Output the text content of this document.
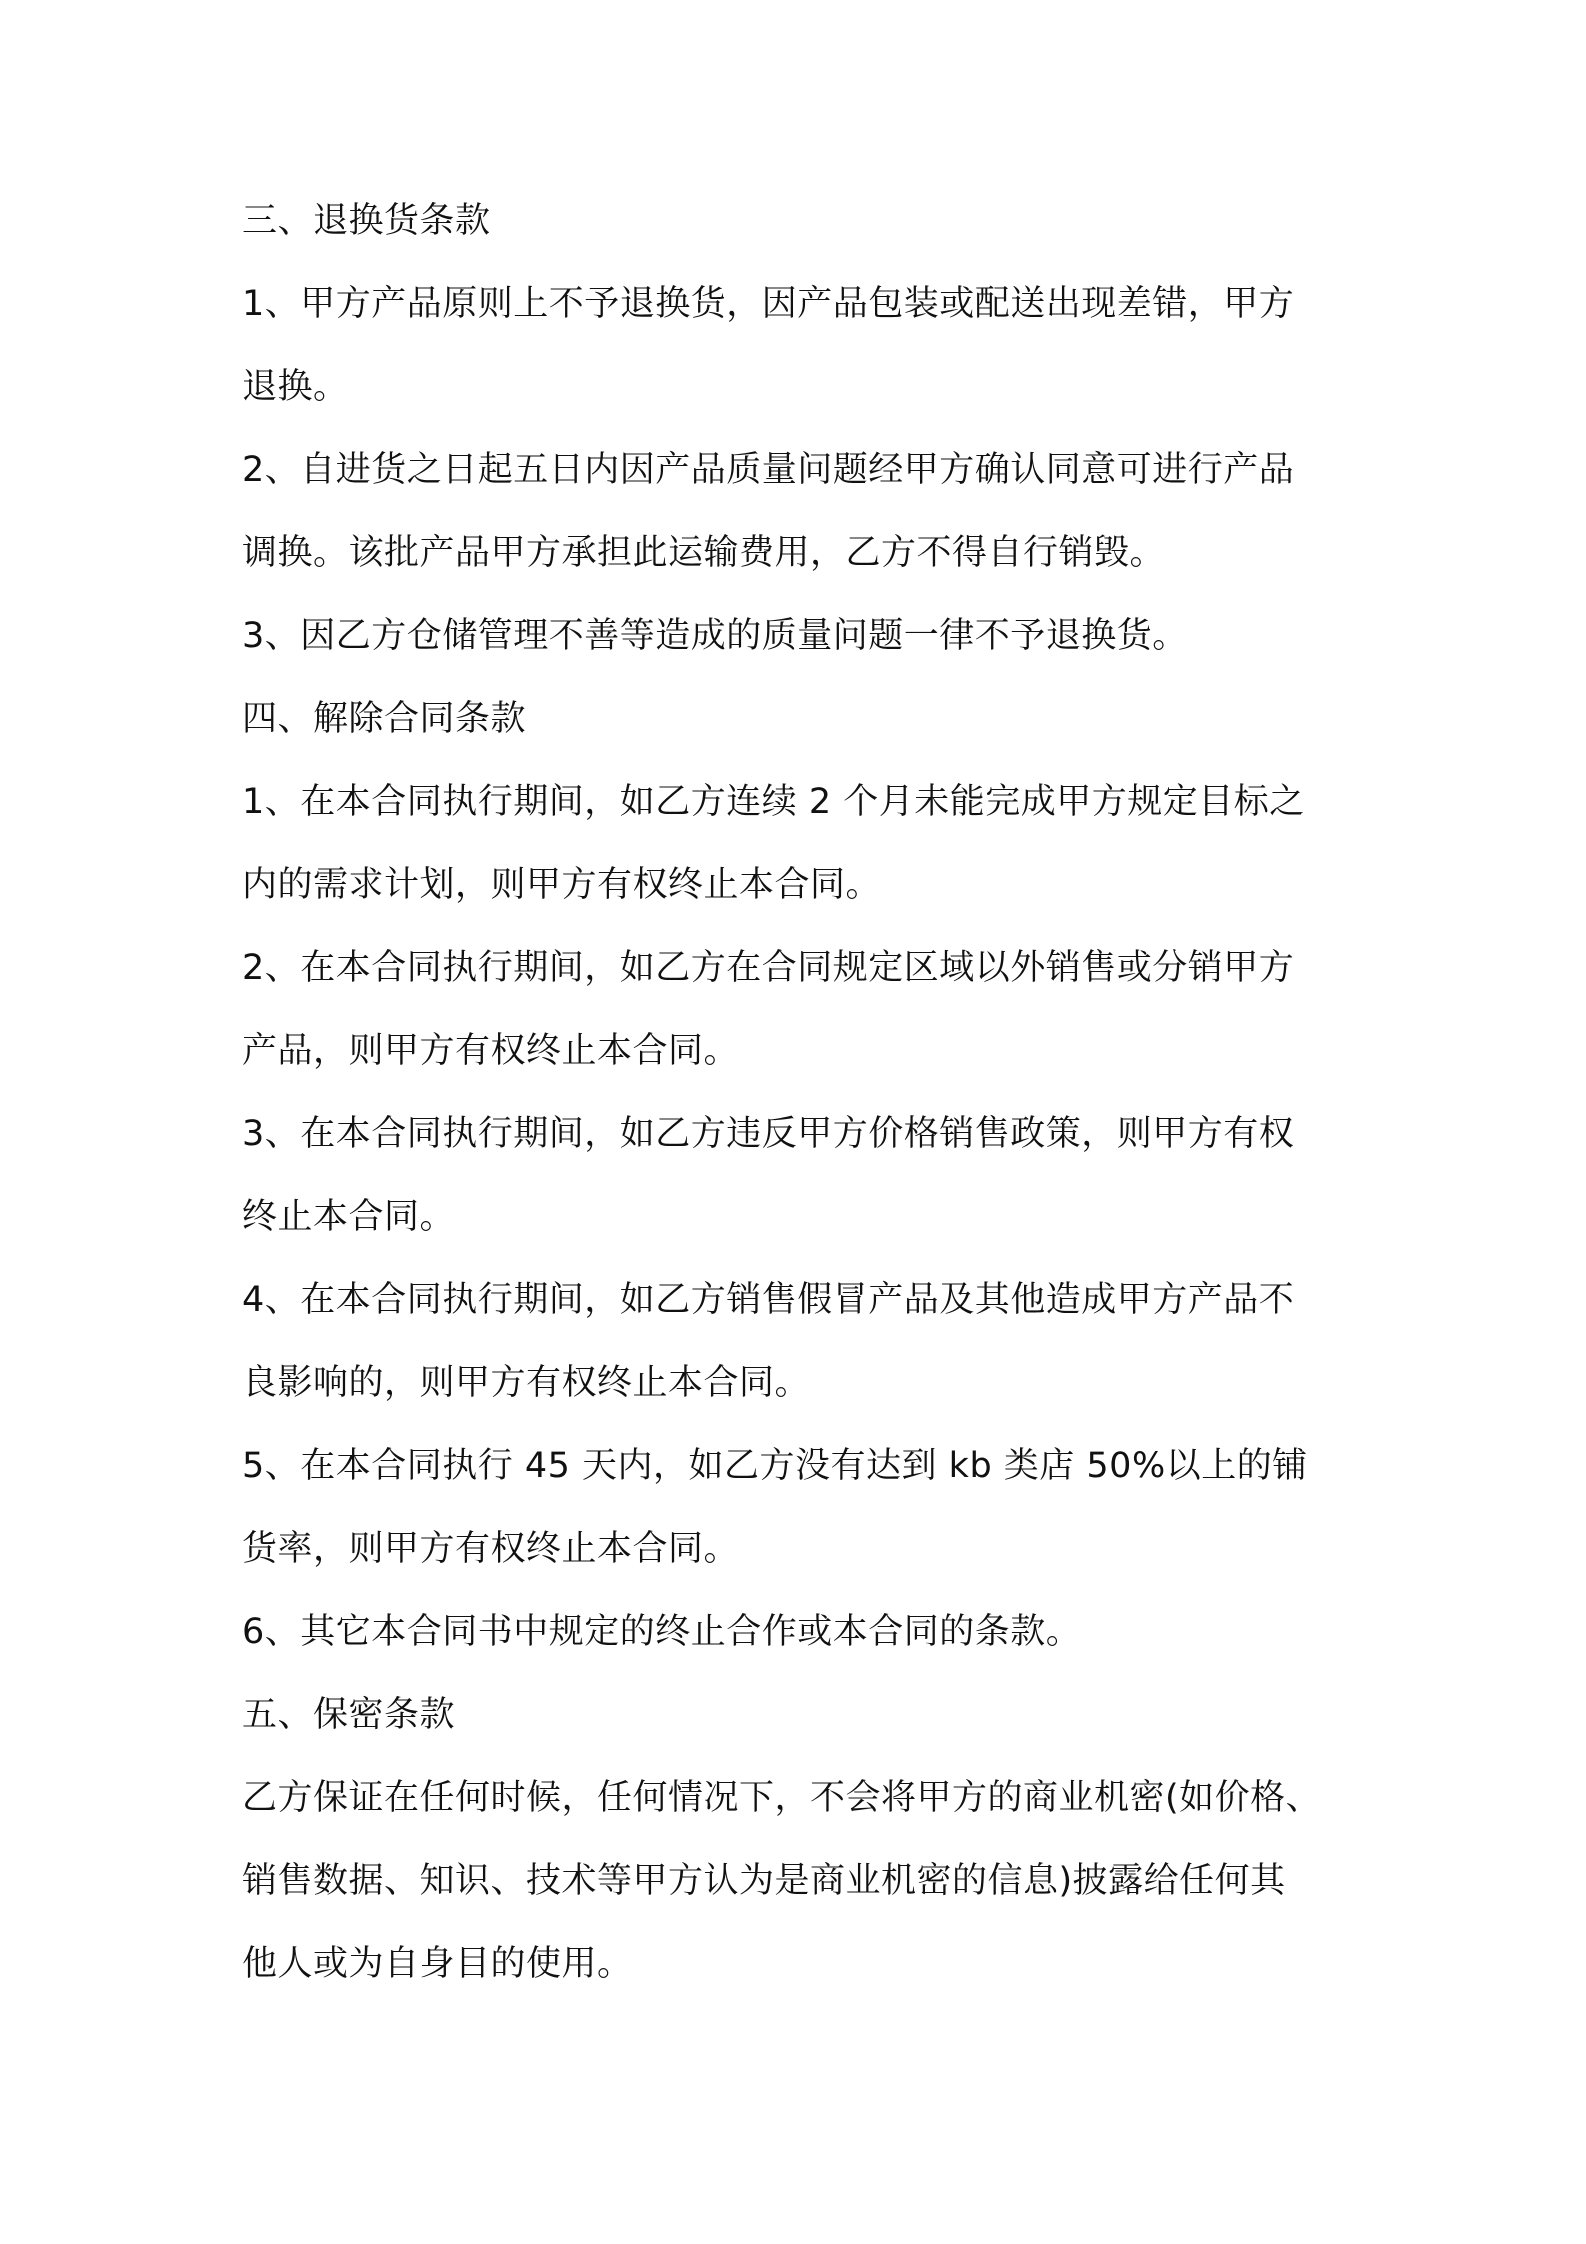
三、退换货条款
1、甲方产品原则上不予退换货，因产品包装或配送出现差错，甲方
退换。
2、自进货之日起五日内因产品质量问题经甲方确认同意可进行产品
调换。该批产品甲方承担此运输费用，乙方不得自行销毁。
3、因乙方仓储管理不善等造成的质量问题一律不予退换货。
四、解除合同条款
1、在本合同执行期间，如乙方连续 2 个月未能完成甲方规定目标之
内的需求计划，则甲方有权终止本合同。
2、在本合同执行期间，如乙方在合同规定区域以外销售或分销甲方
产品，则甲方有权终止本合同。
3、在本合同执行期间，如乙方违反甲方价格销售政策，则甲方有权
终止本合同。
4、在本合同执行期间，如乙方销售假冒产品及其他造成甲方产品不
良影响的，则甲方有权终止本合同。
5、在本合同执行 45 天内，如乙方没有达到 kb 类店 50%以上的铺
货率，则甲方有权终止本合同。
6、其它本合同书中规定的终止合作或本合同的条款。
五、保密条款
乙方保证在任何时候，任何情况下，不会将甲方的商业机密(如价格、
销售数据、知识、技术等甲方认为是商业机密的信息)披露给任何其
他人或为自身目的使用。
